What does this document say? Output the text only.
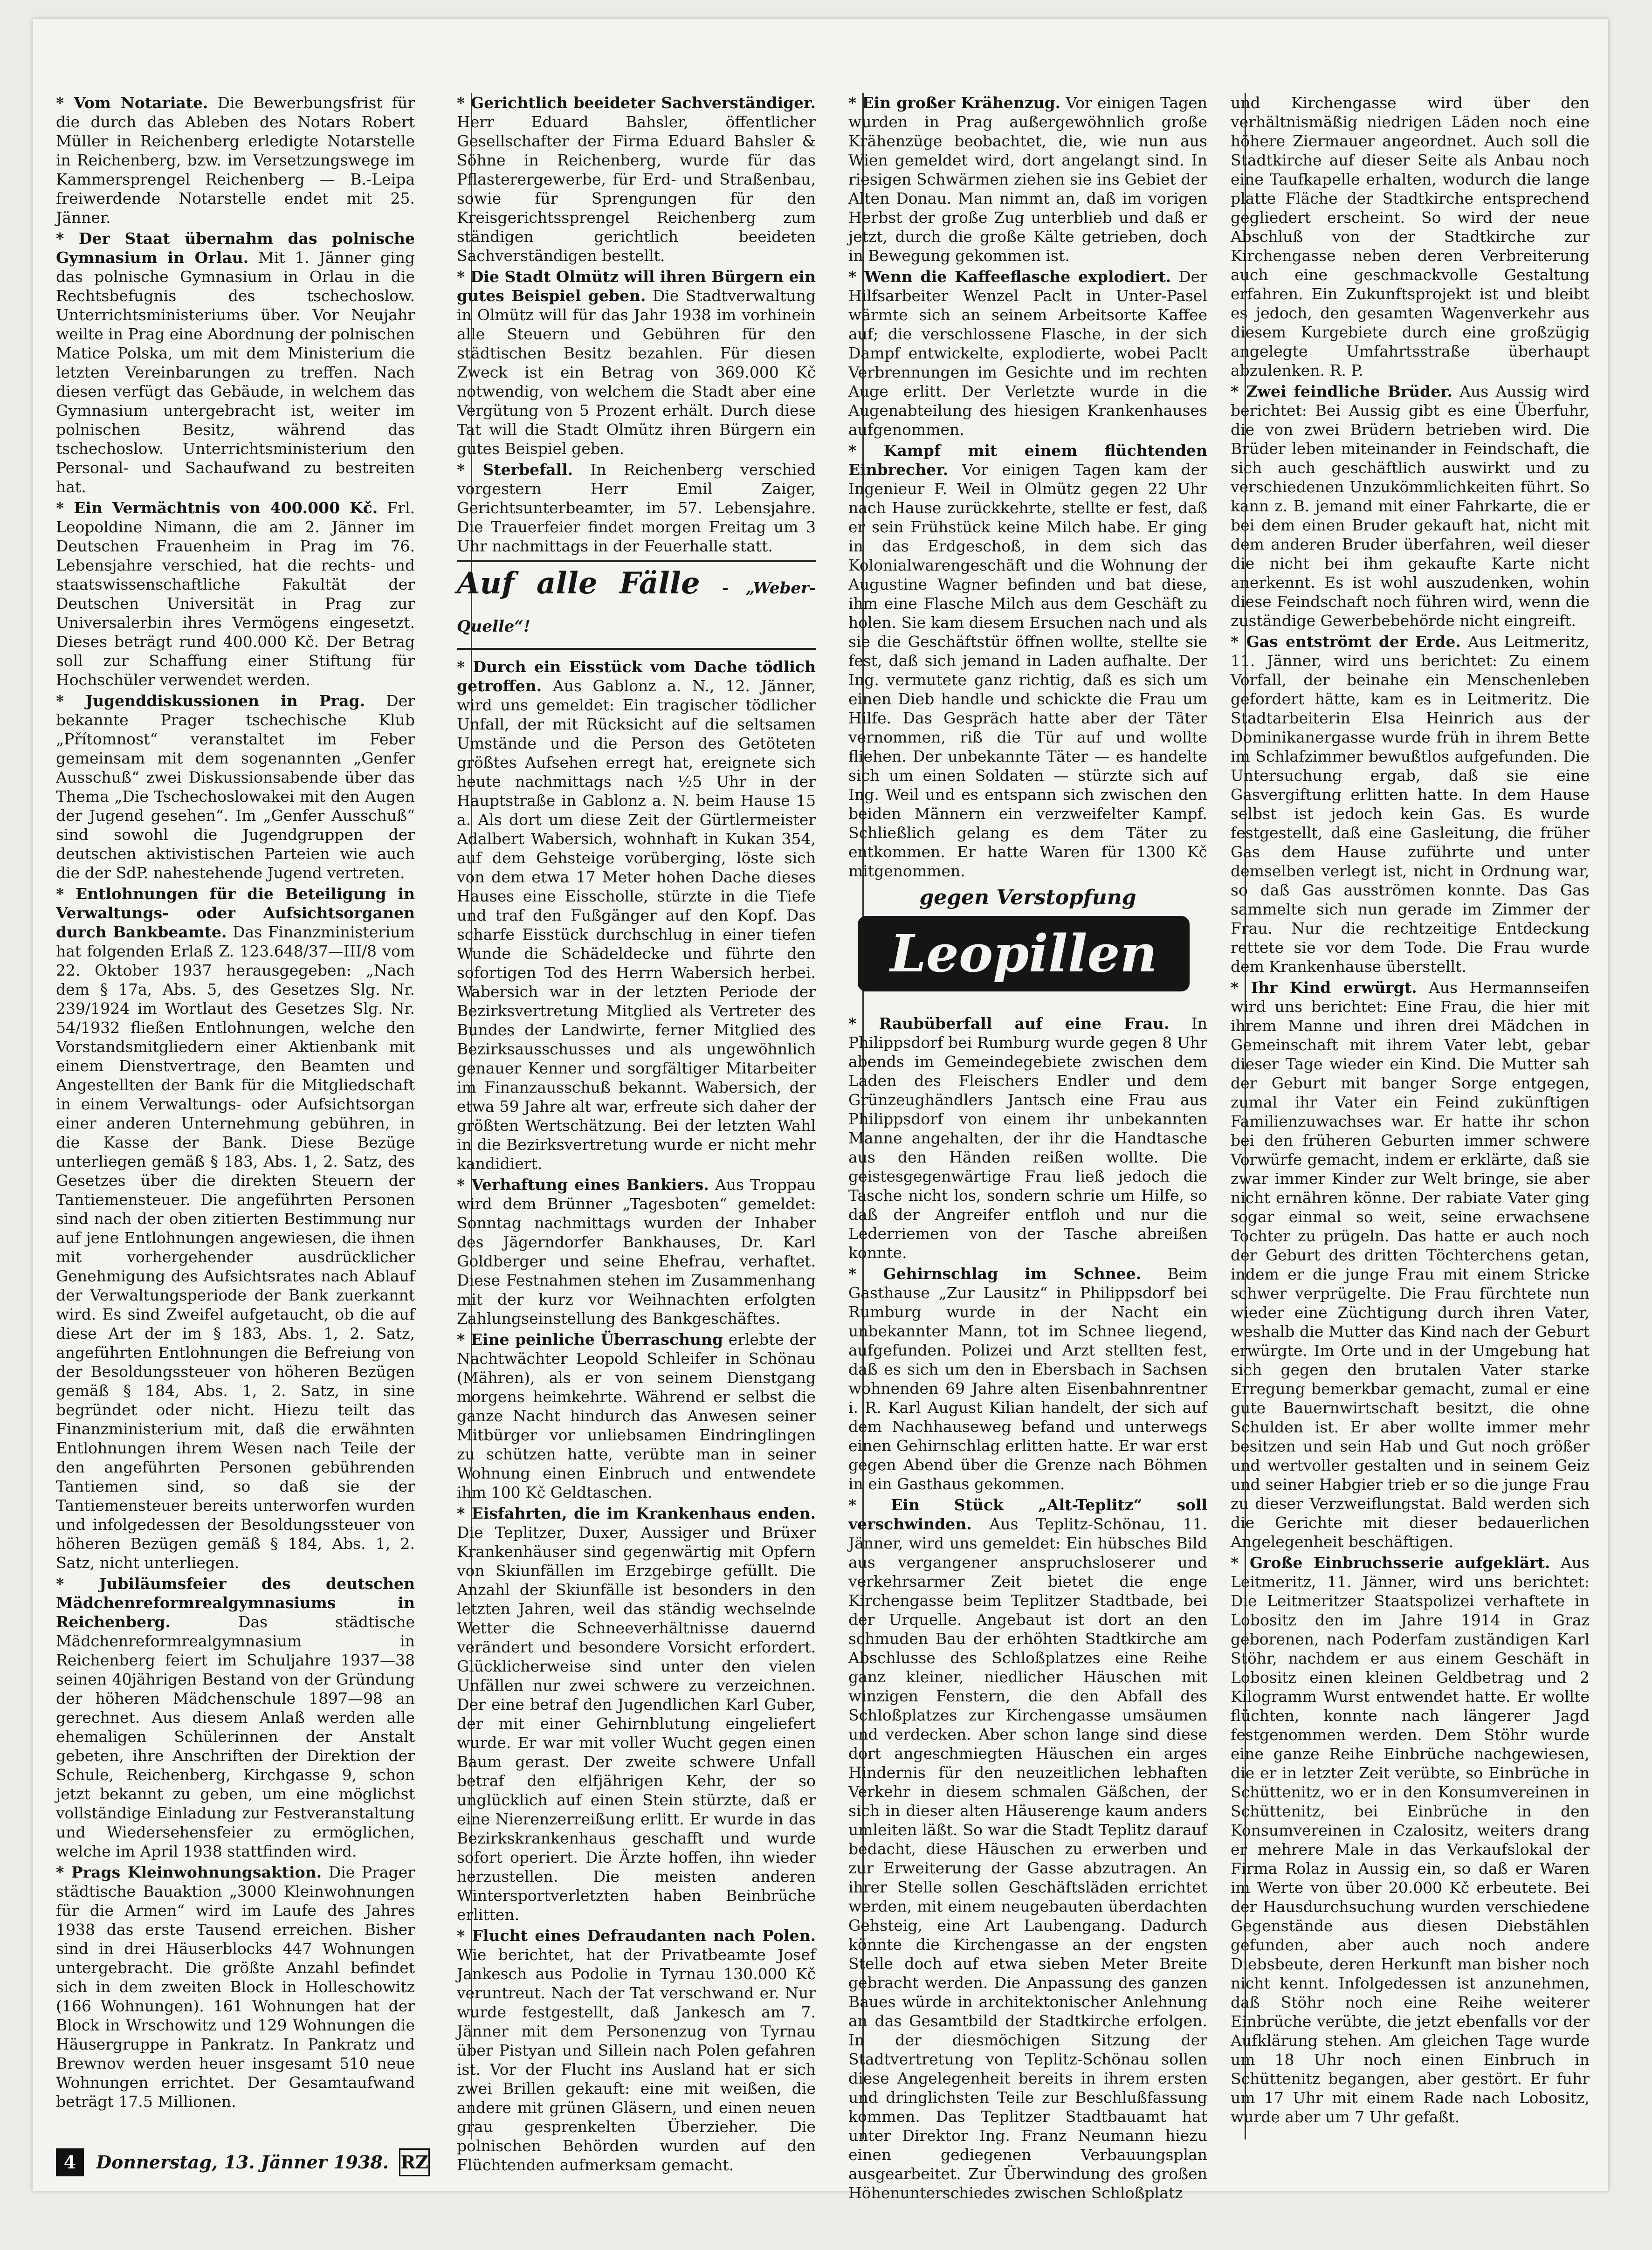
* Vom Notariate. Die Bewerbungsfrist für die durch das Ableben des Notars Robert Müller in Reichenberg erledigte Notarstelle in Reichenberg, bzw. im Versetzungswege im Kammersprengel Reichenberg — B.-Leipa freiwerdende Notarstelle endet mit 25. Jänner.

* Der Staat übernahm das polnische Gymnasium in Orlau. Mit 1. Jänner ging das polnische Gymnasium in Orlau in die Rechtsbefugnis des tschechoslow. Unterrichtsministeriums über. Vor Neujahr weilte in Prag eine Abordnung der polnischen Matice Polska, um mit dem Ministerium die letzten Vereinbarungen zu treffen. Nach diesen verfügt das Gebäude, in welchem das Gymnasium untergebracht ist, weiter im polnischen Besitz, während das tschechoslow. Unterrichtsministerium den Personal- und Sachaufwand zu bestreiten hat.

* Ein Vermächtnis von 400.000 Kč. Frl. Leopoldine Nimann, die am 2. Jänner im Deutschen Frauenheim in Prag im 76. Lebensjahre verschied, hat die rechts- und staatswissenschaftliche Fakultät der Deutschen Universität in Prag zur Universalerbin ihres Vermögens eingesetzt. Dieses beträgt rund 400.000 Kč. Der Betrag soll zur Schaffung einer Stiftung für Hochschüler verwendet werden.

* Jugenddiskussionen in Prag. Der bekannte Prager tschechische Klub „Přítomnost“ veranstaltet im Feber gemeinsam mit dem sogenannten „Genfer Ausschuß“ zwei Diskussionsabende über das Thema „Die Tschechoslowakei mit den Augen der Jugend gesehen“. Im „Genfer Ausschuß“ sind sowohl die Jugendgruppen der deutschen aktivistischen Parteien wie auch die der SdP. nahestehende Jugend vertreten.

* Entlohnungen für die Beteiligung in Verwaltungs- oder Aufsichtsorganen durch Bankbeamte. Das Finanzministerium hat folgenden Erlaß Z. 123.648/37—III/8 vom 22. Oktober 1937 herausgegeben: „Nach dem § 17a, Abs. 5, des Gesetzes Slg. Nr. 239/1924 im Wortlaut des Gesetzes Slg. Nr. 54/1932 fließen Entlohnungen, welche den Vorstandsmitgliedern einer Aktienbank mit einem Dienstvertrage, den Beamten und Angestellten der Bank für die Mitgliedschaft in einem Verwaltungs- oder Aufsichtsorgan einer anderen Unternehmung gebühren, in die Kasse der Bank. Diese Bezüge unterliegen gemäß § 183, Abs. 1, 2. Satz, des Gesetzes über die direkten Steuern der Tantiemensteuer. Die angeführten Personen sind nach der oben zitierten Bestimmung nur auf jene Entlohnungen angewiesen, die ihnen mit vorhergehender ausdrücklicher Genehmigung des Aufsichtsrates nach Ablauf der Verwaltungsperiode der Bank zuerkannt wird. Es sind Zweifel aufgetaucht, ob die auf diese Art der im § 183, Abs. 1, 2. Satz, angeführten Entlohnungen die Befreiung von der Besoldungssteuer von höheren Bezügen gemäß § 184, Abs. 1, 2. Satz, in sine begründet oder nicht. Hiezu teilt das Finanzministerium mit, daß die erwähnten Entlohnungen ihrem Wesen nach Teile der den angeführten Personen gebührenden Tantiemen sind, so daß sie der Tantiemensteuer bereits unterworfen wurden und infolgedessen der Besoldungssteuer von höheren Bezügen gemäß § 184, Abs. 1, 2. Satz, nicht unterliegen.

* Jubiläumsfeier des deutschen Mädchenreformrealgymnasiums in Reichenberg.	Das städtische Mädchenreformrealgymnasium in Reichenberg feiert im Schuljahre 1937—38 seinen 40jährigen Bestand von der Gründung der höheren Mädchenschule 1897—98 an gerechnet. Aus diesem Anlaß werden alle ehemaligen Schülerinnen der Anstalt gebeten, ihre Anschriften der Direktion der Schule, Reichenberg, Kirchgasse 9, schon jetzt bekannt zu geben, um eine möglichst vollständige Einladung zur Festveranstaltung und Wiedersehensfeier zu ermöglichen, welche im April 1938 stattfinden wird.

* Prags Kleinwohnungsaktion. Die Prager städtische Bauaktion „3000 Kleinwohnungen für die Armen“ wird im Laufe des Jahres 1938 das erste Tausend erreichen. Bisher sind in drei Häuserblocks 447 Wohnungen untergebracht. Die größte Anzahl befindet sich in dem zweiten Block in Holleschowitz (166 Wohnungen). 161 Wohnungen hat der Block in Wrschowitz und 129 Wohnungen die Häusergruppe in Pankratz. In Pankratz und Brewnov werden heuer insgesamt 510 neue Wohnungen errichtet. Der Gesamtaufwand beträgt 17.5 Millionen.

* Gerichtlich beeideter Sachverständiger. Herr Eduard Bahsler, öffentlicher Gesellschafter der Firma Eduard Bahsler & Söhne in Reichenberg, wurde für das Pflasterergewerbe, für Erd- und Straßenbau, sowie für Sprengungen für den Kreisgerichtssprengel Reichenberg zum ständigen gerichtlich beeideten Sachverständigen bestellt.

* Die Stadt Olmütz will ihren Bürgern ein gutes Beispiel geben. Die Stadtverwaltung in Olmütz will für das Jahr 1938 im vorhinein alle Steuern und Gebühren für den städtischen Besitz bezahlen. Für diesen Zweck ist ein Betrag von 369.000 Kč notwendig, von welchem die Stadt aber eine Vergütung von 5 Prozent erhält. Durch diese Tat will die Stadt Olmütz ihren Bürgern ein gutes Beispiel geben.

* Sterbefall. In Reichenberg verschied vorgestern Herr Emil Zaiger, Gerichtsunterbeamter, im 57. Lebensjahre. Die Trauerfeier findet morgen Freitag um 3 Uhr nachmittags in der Feuerhalle statt.

Auf alle Fälle - „Weber-Quelle“!

* Durch ein Eisstück vom Dache tödlich getroffen. Aus Gablonz a. N., 12. Jänner, wird uns gemeldet: Ein tragischer tödlicher Unfall, der mit Rücksicht auf die seltsamen Umstände und die Person des Getöteten größtes Aufsehen erregt hat, ereignete sich heute nachmittags nach ½5 Uhr in der Hauptstraße in Gablonz a. N. beim Hause 15 a. Als dort um diese Zeit der Gürtlermeister Adalbert Wabersich, wohnhaft in Kukan 354, auf dem Gehsteige vorüberging, löste sich von dem etwa 17 Meter hohen Dache dieses Hauses eine Eisscholle, stürzte in die Tiefe und traf den Fußgänger auf den Kopf. Das scharfe Eisstück durchschlug in einer tiefen Wunde die Schädeldecke und führte den sofortigen Tod des Herrn Wabersich herbei. Wabersich war in der letzten Periode der Bezirksvertretung Mitglied als Vertreter des Bundes der Landwirte, ferner Mitglied des Bezirksausschusses und als ungewöhnlich genauer Kenner und sorgfältiger Mitarbeiter im Finanzausschuß bekannt. Wabersich, der etwa 59 Jahre alt war, erfreute sich daher der größten Wertschätzung. Bei der letzten Wahl in die Bezirksvertretung wurde er nicht mehr kandidiert.

* Verhaftung eines Bankiers. Aus Troppau wird dem Brünner „Tagesboten“ gemeldet: Sonntag nachmittags wurden der Inhaber des Jägerndorfer Bankhauses, Dr. Karl Goldberger und seine Ehefrau, verhaftet. Diese Festnahmen stehen im Zusammenhang mit der kurz vor Weihnachten erfolgten Zahlungseinstellung des Bankgeschäftes.

* Eine peinliche Überraschung erlebte der Nachtwächter Leopold Schleifer in Schönau (Mähren), als er von seinem Dienstgang morgens heimkehrte. Während er selbst die ganze Nacht hindurch das Anwesen seiner Mitbürger vor unliebsamen Eindringlingen zu schützen hatte, verübte man in seiner Wohnung einen Einbruch und entwendete ihm 100 Kč Geldtaschen.

* Eisfahrten, die im Krankenhaus enden. Die Teplitzer, Duxer, Aussiger und Brüxer Krankenhäuser sind gegenwärtig mit Opfern von Skiunfällen im Erzgebirge gefüllt. Die Anzahl der Skiunfälle ist besonders in den letzten Jahren, weil das ständig wechselnde Wetter die Schneeverhältnisse dauernd verändert und besondere Vorsicht erfordert. Glücklicherweise sind unter den vielen Unfällen nur zwei schwere zu verzeichnen. Der eine betraf den Jugendlichen Karl Guber, der mit einer Gehirnblutung eingeliefert wurde. Er war mit voller Wucht gegen einen Baum gerast. Der zweite schwere Unfall betraf den elfjährigen Kehr, der so unglücklich auf einen Stein stürzte, daß er eine Nierenzerreißung erlitt. Er wurde in das Bezirkskrankenhaus geschafft und wurde sofort operiert. Die Ärzte hoffen, ihn wieder herzustellen. Die meisten anderen Wintersportverletzten haben Beinbrüche erlitten.

* Flucht eines Defraudanten nach Polen. Wie berichtet, hat der Privatbeamte Josef Jankesch aus Podolie in Tyrnau 130.000 Kč veruntreut. Nach der Tat verschwand er. Nur wurde festgestellt, daß Jankesch am 7. Jänner mit dem Personenzug von Tyrnau über Pistyan und Sillein nach Polen gefahren ist. Vor der Flucht ins Ausland hat er sich zwei Brillen gekauft: eine mit weißen, die andere mit grünen Gläsern, und einen neuen grau gesprenkelten Überzieher. Die polnischen Behörden wurden auf den Flüchtenden aufmerksam gemacht.

* Ein großer Krähenzug. Vor einigen Tagen wurden in Prag außergewöhnlich große Krähenzüge beobachtet, die, wie nun aus Wien gemeldet wird, dort angelangt sind. In riesigen Schwärmen ziehen sie ins Gebiet der Alten Donau. Man nimmt an, daß im vorigen Herbst der große Zug unterblieb und daß er jetzt, durch die große Kälte getrieben, doch in Bewegung gekommen ist.

* Wenn die Kaffeeflasche explodiert. Der Hilfsarbeiter Wenzel Paclt in Unter-Pasel wärmte sich an seinem Arbeitsorte Kaffee auf; die verschlossene Flasche, in der sich Dampf entwickelte, explodierte, wobei Paclt Verbrennungen im Gesichte und im rechten Auge erlitt. Der Verletzte wurde in die Augenabteilung des hiesigen Krankenhauses aufgenommen.

* Kampf mit einem flüchtenden Einbrecher. Vor einigen Tagen kam der Ingenieur F. Weil in Olmütz gegen 22 Uhr nach Hause zurückkehrte, stellte er fest, daß er sein Frühstück keine Milch habe. Er ging in das Erdgeschoß, in dem sich das Kolonialwarengeschäft und die Wohnung der Augustine Wagner befinden und bat diese, ihm eine Flasche Milch aus dem Geschäft zu holen. Sie kam diesem Ersuchen nach und als sie die Geschäftstür öffnen wollte, stellte sie fest, daß sich jemand in Laden aufhalte. Der Ing. vermutete ganz richtig, daß es sich um einen Dieb handle und schickte die Frau um Hilfe. Das Gespräch hatte aber der Täter vernommen, riß die Tür auf und wollte fliehen. Der unbekannte Täter — es handelte sich um einen Soldaten — stürzte sich auf Ing. Weil und es entspann sich zwischen den beiden Männern ein verzweifelter Kampf. Schließlich gelang es dem Täter zu entkommen. Er hatte Waren für 1300 Kč mitgenommen.

gegen Verstopfung
Leopillen

* Raubüberfall auf eine Frau. In Philippsdorf bei Rumburg wurde gegen 8 Uhr abends im Gemeindegebiete zwischen dem Laden des Fleischers Endler und dem Grünzeughändlers Jantsch eine Frau aus Philippsdorf von einem ihr unbekannten Manne angehalten, der ihr die Handtasche aus den Händen reißen wollte. Die geistesgegenwärtige Frau ließ jedoch die Tasche nicht los, sondern schrie um Hilfe, so daß der Angreifer entfloh und nur die Lederriemen von der Tasche abreißen konnte.

* Gehirnschlag im Schnee. Beim Gasthause „Zur Lausitz“ in Philippsdorf bei Rumburg wurde in der Nacht ein unbekannter Mann, tot im Schnee liegend, aufgefunden. Polizei und Arzt stellten fest, daß es sich um den in Ebersbach in Sachsen wohnenden 69 Jahre alten Eisenbahnrentner i. R. Karl August Kilian handelt, der sich auf dem Nachhauseweg befand und unterwegs einen Gehirnschlag erlitten hatte. Er war erst gegen Abend über die Grenze nach Böhmen in ein Gasthaus gekommen.

* Ein Stück „Alt-Teplitz“ soll verschwinden. Aus Teplitz-Schönau, 11. Jänner, wird uns gemeldet: Ein hübsches Bild aus vergangener anspruchsloserer und verkehrsarmer Zeit bietet die enge Kirchengasse beim Teplitzer Stadtbade, bei der Urquelle. Angebaut ist dort an den schmuden Bau der erhöhten Stadtkirche am Abschlusse des Schloßplatzes eine Reihe ganz kleiner, niedlicher Häuschen mit winzigen Fenstern, die den Abfall des Schloßplatzes zur Kirchengasse umsäumen und verdecken. Aber schon lange sind diese dort angeschmiegten Häuschen ein arges Hindernis für den neuzeitlichen lebhaften Verkehr in diesem schmalen Gäßchen, der sich in dieser alten Häuserenge kaum anders umleiten läßt. So war die Stadt Teplitz darauf bedacht, diese Häuschen zu erwerben und zur Erweiterung der Gasse abzutragen. An ihrer Stelle sollen Geschäftsläden errichtet werden, mit einem neugebauten überdachten Gehsteig, eine Art Laubengang. Dadurch könnte die Kirchengasse an der engsten Stelle doch auf etwa sieben Meter Breite gebracht werden. Die Anpassung des ganzen Baues würde in architektonischer Anlehnung an das Gesamtbild der Stadtkirche erfolgen. In der diesmöchigen Sitzung der Stadtvertretung von Teplitz-Schönau sollen diese Angelegenheit bereits in ihrem ersten und dringlichsten Teile zur Beschlußfassung kommen. Das Teplitzer Stadtbauamt hat unter Direktor Ing. Franz Neumann hiezu einen gediegenen Verbauungsplan ausgearbeitet. Zur Überwindung des großen Höhenunterschiedes zwischen Schloßplatz

und Kirchengasse wird über den verhältnismäßig niedrigen Läden noch eine höhere Ziermauer angeordnet. Auch soll die Stadtkirche auf dieser Seite als Anbau noch eine Taufkapelle erhalten, wodurch die lange platte Fläche der Stadtkirche entsprechend gegliedert erscheint. So wird der neue Abschluß von der Stadtkirche zur Kirchengasse neben deren Verbreiterung auch eine geschmackvolle Gestaltung erfahren. Ein Zukunftsprojekt ist und bleibt es jedoch, den gesamten Wagenverkehr aus diesem Kurgebiete durch eine großzügig angelegte Umfahrtsstraße überhaupt abzulenken. R. P.

* Zwei feindliche Brüder. Aus Aussig wird berichtet: Bei Aussig gibt es eine Überfuhr, die von zwei Brüdern betrieben wird. Die Brüder leben miteinander in Feindschaft, die sich auch geschäftlich auswirkt und zu verschiedenen Unzukömmlichkeiten führt. So kann z. B. jemand mit einer Fahrkarte, die er bei dem einen Bruder gekauft hat, nicht mit dem anderen Bruder überfahren, weil dieser die nicht bei ihm gekaufte Karte nicht anerkennt. Es ist wohl auszudenken, wohin diese Feindschaft noch führen wird, wenn die zuständige Gewerbebehörde nicht eingreift.

* Gas entströmt der Erde. Aus Leitmeritz, 11. Jänner, wird uns berichtet: Zu einem Vorfall, der beinahe ein Menschenleben gefordert hätte, kam es in Leitmeritz. Die Stadtarbeiterin Elsa Heinrich aus der Dominikanergasse wurde früh in ihrem Bette im Schlafzimmer bewußtlos aufgefunden. Die Untersuchung ergab, daß sie eine Gasvergiftung erlitten hatte. In dem Hause selbst ist jedoch kein Gas. Es wurde festgestellt, daß eine Gasleitung, die früher Gas dem Hause zuführte und unter demselben verlegt ist, nicht in Ordnung war, so daß Gas ausströmen konnte. Das Gas sammelte sich nun gerade im Zimmer der Frau. Nur die rechtzeitige Entdeckung rettete sie vor dem Tode. Die Frau wurde dem Krankenhause überstellt.

* Ihr Kind erwürgt. Aus Hermannseifen wird uns berichtet: Eine Frau, die hier mit ihrem Manne und ihren drei Mädchen in Gemeinschaft mit ihrem Vater lebt, gebar dieser Tage wieder ein Kind. Die Mutter sah der Geburt mit banger Sorge entgegen, zumal ihr Vater ein Feind zukünftigen Familienzuwachses war. Er hatte ihr schon bei den früheren Geburten immer schwere Vorwürfe gemacht, indem er erklärte, daß sie zwar immer Kinder zur Welt bringe, sie aber nicht ernähren könne. Der rabiate Vater ging sogar einmal so weit, seine erwachsene Tochter zu prügeln. Das hatte er auch noch der Geburt des dritten Töchterchens getan, indem er die junge Frau mit einem Stricke schwer verprügelte. Die Frau fürchtete nun wieder eine Züchtigung durch ihren Vater, weshalb die Mutter das Kind nach der Geburt erwürgte. Im Orte und in der Umgebung hat sich gegen den brutalen Vater starke Erregung bemerkbar gemacht, zumal er eine gute Bauernwirtschaft besitzt, die ohne Schulden ist. Er aber wollte immer mehr besitzen und sein Hab und Gut noch größer und wertvoller gestalten und in seinem Geiz und seiner Habgier trieb er so die junge Frau zu dieser Verzweiflungstat. Bald werden sich die Gerichte mit dieser bedauerlichen Angelegenheit beschäftigen.

* Große Einbruchsserie aufgeklärt. Aus Leitmeritz, 11. Jänner, wird uns berichtet: Die Leitmeritzer Staatspolizei verhaftete in Lobositz den im Jahre 1914 in Graz geborenen, nach Poderfam zuständigen Karl Stöhr, nachdem er aus einem Geschäft in Lobositz einen kleinen Geldbetrag und 2 Kilogramm Wurst entwendet hatte. Er wollte flüchten, konnte nach längerer Jagd festgenommen werden. Dem Stöhr wurde eine ganze Reihe Einbrüche nachgewiesen, die er in letzter Zeit verübte, so Einbrüche in Schüttenitz, wo er in den Konsumvereinen in Schüttenitz, bei Einbrüche in den Konsumvereinen in Czalositz, weiters drang er mehrere Male in das Verkaufslokal der Firma Rolaz in Aussig ein, so daß er Waren im Werte von über 20.000 Kč erbeutete. Bei der Hausdurchsuchung wurden verschiedene Gegenstände aus diesen Diebstählen gefunden, aber auch noch andere Diebsbeute, deren Herkunft man bisher noch nicht kennt. Infolgedessen ist anzunehmen, daß Stöhr noch eine Reihe weiterer Einbrüche verübte, die jetzt ebenfalls vor der Aufklärung stehen. Am gleichen Tage wurde um 18 Uhr noch einen Einbruch in Schüttenitz begangen, aber gestört. Er fuhr um 17 Uhr mit einem Rade nach Lobositz, wurde aber um 7 Uhr gefaßt.

4 Donnerstag, 13. Jänner 1938. RZ
